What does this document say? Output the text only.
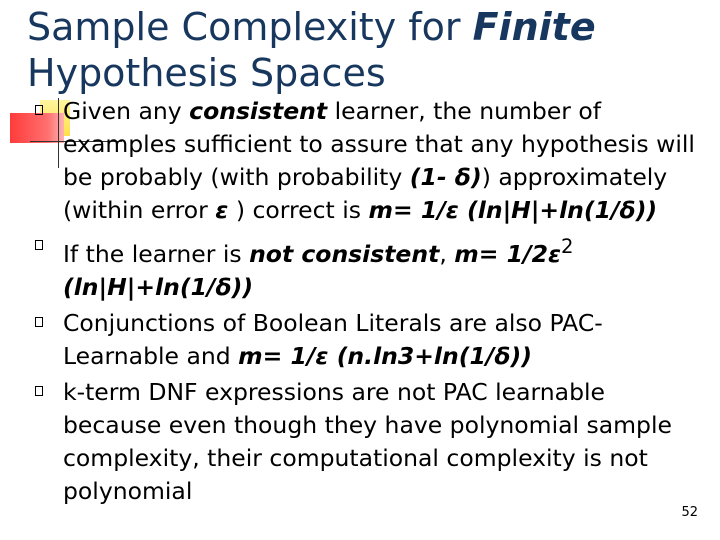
Sample Complexity for Finite
Hypothesis Spaces
Given any consistent learner, the number of examples sufficient to assure that any hypothesis will be probably (with probability (1- δ)) approximately (within error ε ) correct is m= 1/ε (ln|H|+ln(1/δ))
If the learner is not consistent, $m= 1/2\varepsilon^2$ (ln|H|+ln(1/δ))
Conjunctions of Boolean Literals are also PAC-Learnable and m= 1/ε (n.ln3+ln(1/δ))
k-term DNF expressions are not PAC learnable because even though they have polynomial sample complexity, their computational complexity is not polynomial
52
